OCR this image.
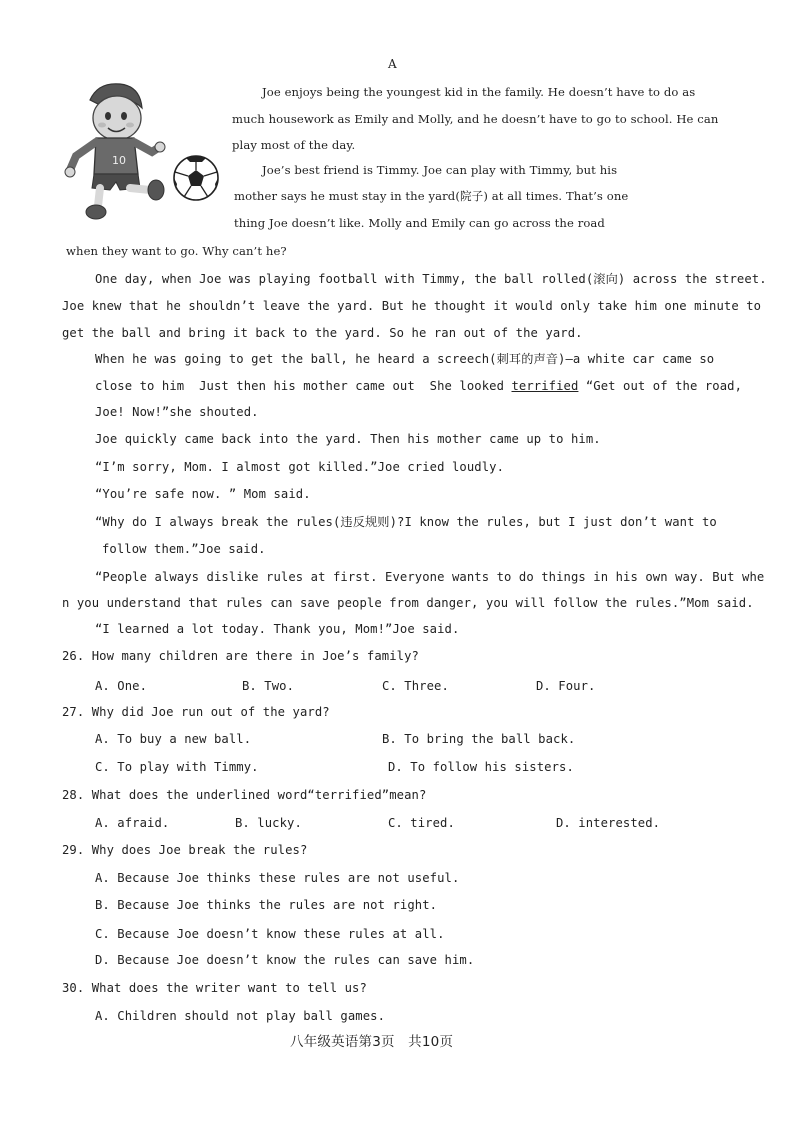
A
10
Joe enjoys being the youngest kid in the family. He doesn’t have to do as
much housework as Emily and Molly, and he doesn’t have to go to school. He can
play most of the day.
Joe’s best friend is Timmy. Joe can play with Timmy, but his
mother says he must stay in the yard(院子) at all times. That’s one
thing Joe doesn’t like. Molly and Emily can go across the road
when they want to go. Why can’t he?
One day, when Joe was playing football with Timmy, the ball rolled(滚向) across the street.
Joe knew that he shouldn’t leave the yard. But he thought it would only take him one minute to
get the ball and bring it back to the yard. So he ran out of the yard.
When he was going to get the ball, he heard a screech(刺耳的声音)—a white car came so
close to him  Just then his mother came out  She looked terrified “Get out of the road,
Joe! Now!”she shouted.
Joe quickly came back into the yard. Then his mother came up to him.
“I’m sorry, Mom. I almost got killed.”Joe cried loudly.
“You’re safe now. ” Mom said.
“Why do I always break the rules(违反规则)?I know the rules, but I just don’t want to
follow them.”Joe said.
“People always dislike rules at first. Everyone wants to do things in his own way. But whe
n you understand that rules can save people from danger, you will follow the rules.”Mom said.
“I learned a lot today. Thank you, Mom!”Joe said.
26. How many children are there in Joe’s family?
A. One.	B. Two.	C. Three.	D. Four.
27. Why did Joe run out of the yard?
A. To buy a new ball.	B. To bring the ball back.
C. To play with Timmy.	D. To follow his sisters.
28. What does the underlined word“terrified”mean?
A. afraid.	B. lucky.	C. tired.	D. interested.
29. Why does Joe break the rules?
A. Because Joe thinks these rules are not useful.
B. Because Joe thinks the rules are not right.
C. Because Joe doesn’t know these rules at all.
D. Because Joe doesn’t know the rules can save him.
30. What does the writer want to tell us?
A. Children should not play ball games.
八年级英语第3页   共10页
